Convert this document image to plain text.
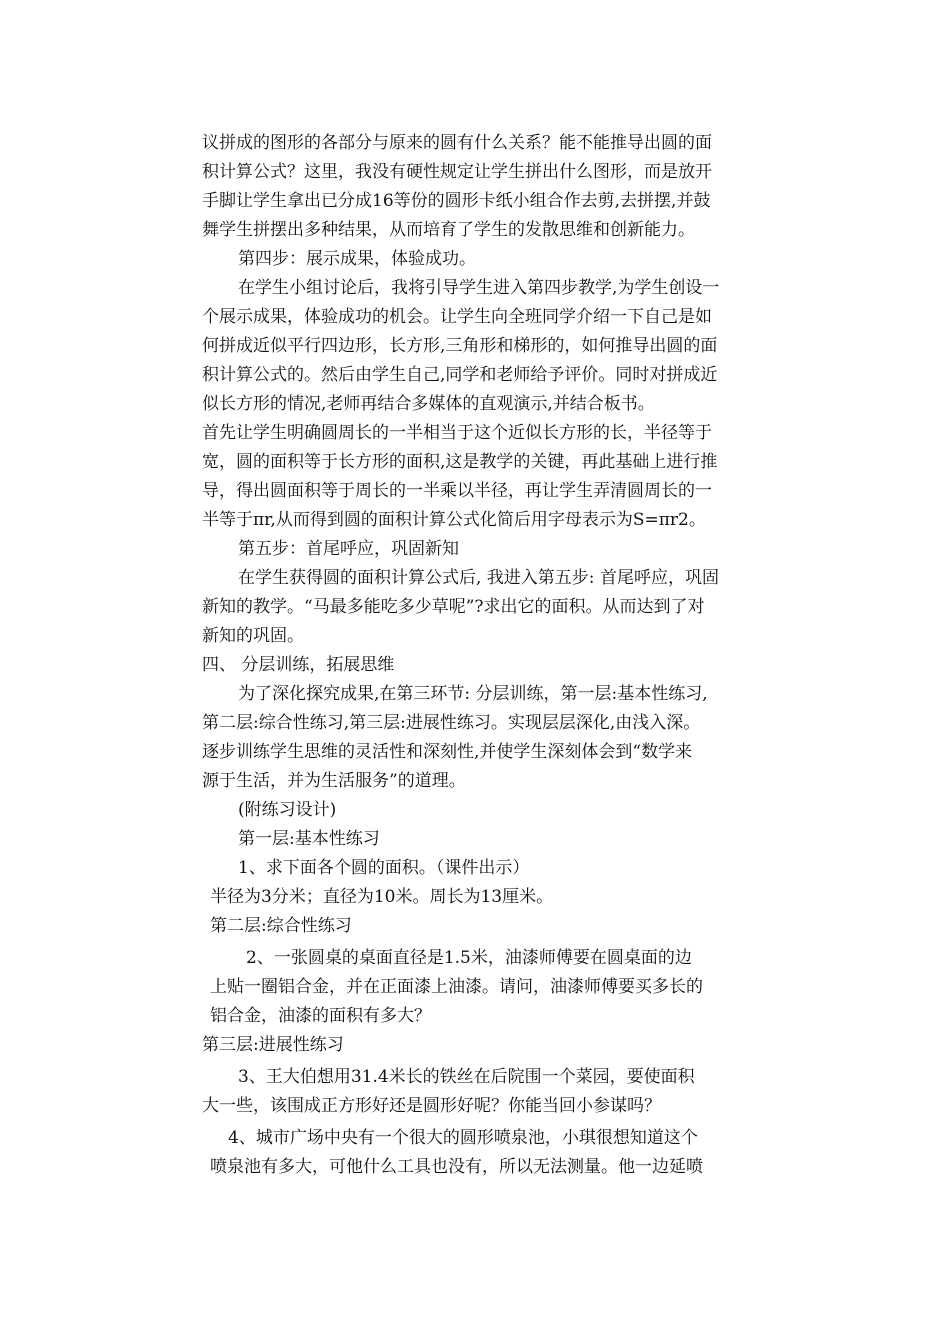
议拼成的图形的各部分与原来的圆有什么关系？能不能推导出圆的面
积计算公式？这里，我没有硬性规定让学生拼出什么图形，而是放开
手脚让学生拿出已分成16等份的圆形卡纸小组合作去剪,去拼摆,并鼓
舞学生拼摆出多种结果，从而培育了学生的发散思维和创新能力。
第四步：展示成果，体验成功。
在学生小组讨论后，我将引导学生进入第四步教学,为学生创设一
个展示成果，体验成功的机会。让学生向全班同学介绍一下自己是如
何拼成近似平行四边形，长方形,三角形和梯形的，如何推导出圆的面
积计算公式的。然后由学生自己,同学和老师给予评价。同时对拼成近
似长方形的情况,老师再结合多媒体的直观演示,并结合板书。
首先让学生明确圆周长的一半相当于这个近似长方形的长，半径等于
宽，圆的面积等于长方形的面积,这是教学的关键，再此基础上进行推
导，得出圆面积等于周长的一半乘以半径，再让学生弄清圆周长的一
半等于πr,从而得到圆的面积计算公式化简后用字母表示为S=πr2。
第五步：首尾呼应，巩固新知
在学生获得圆的面积计算公式后, 我进入第五步: 首尾呼应，巩固
新知的教学。“马最多能吃多少草呢”?求出它的面积。从而达到了对
新知的巩固。
四、 分层训练，拓展思维
为了深化探究成果,在第三环节: 分层训练，第一层:基本性练习,
第二层:综合性练习,第三层:进展性练习。实现层层深化,由浅入深。
逐步训练学生思维的灵活性和深刻性,并使学生深刻体会到“数学来
源于生活，并为生活服务”的道理。
(附练习设计)
第一层:基本性练习
1、求下面各个圆的面积。（课件出示）
半径为3分米；直径为10米。周长为13厘米。
第二层:综合性练习
2、一张圆桌的桌面直径是1.5米，油漆师傅要在圆桌面的边
上贴一圈铝合金，并在正面漆上油漆。请问，油漆师傅要买多长的
铝合金，油漆的面积有多大？
第三层:进展性练习
3、王大伯想用31.4米长的铁丝在后院围一个菜园，要使面积
大一些，该围成正方形好还是圆形好呢？你能当回小参谋吗？
4、城市广场中央有一个很大的圆形喷泉池，小琪很想知道这个
喷泉池有多大，可他什么工具也没有，所以无法测量。他一边延喷
